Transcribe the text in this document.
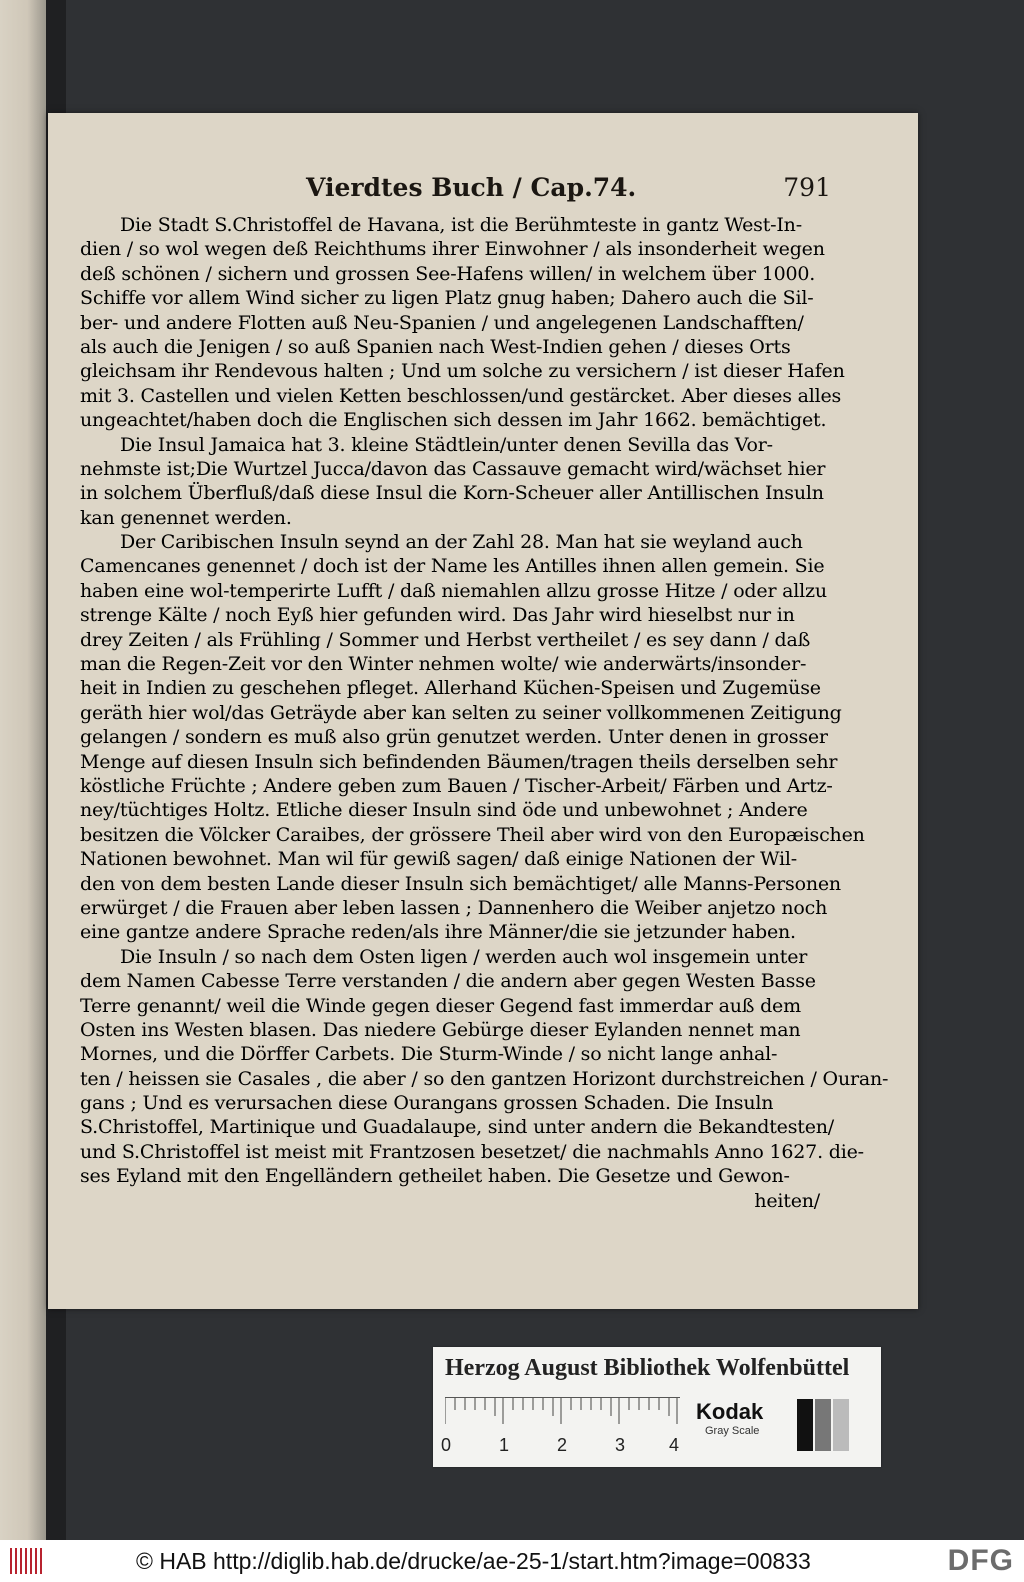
Vierdtes Buch / Cap.74.	791
Die Stadt S.Christoffel de Havana, ist die Berühmteste in gantz West-In-
dien / so wol wegen deß Reichthums ihrer Einwohner / als insonderheit wegen
deß schönen / sichern und grossen See-Hafens willen/ in welchem über 1000.
Schiffe vor allem Wind sicher zu ligen Platz gnug haben; Dahero auch die Sil-
ber- und andere Flotten auß Neu-Spanien / und angelegenen Landschafften/
als auch die Jenigen / so auß Spanien nach West-Indien gehen / dieses Orts
gleichsam ihr Rendevous halten ; Und um solche zu versichern / ist dieser Hafen
mit 3. Castellen und vielen Ketten beschlossen/und gestärcket. Aber dieses alles
ungeachtet/haben doch die Englischen sich dessen im Jahr 1662. bemächtiget.
Die Insul Jamaica hat 3. kleine Städtlein/unter denen Sevilla das Vor-
nehmste ist;Die Wurtzel Jucca/davon das Cassauve gemacht wird/wächset hier
in solchem Überfluß/daß diese Insul die Korn-Scheuer aller Antillischen Insuln
kan genennet werden.
Der Caribischen Insuln seynd an der Zahl 28. Man hat sie weyland auch
Camencanes genennet / doch ist der Name les Antilles ihnen allen gemein. Sie
haben eine wol-temperirte Lufft / daß niemahlen allzu grosse Hitze / oder allzu
strenge Kälte / noch Eyß hier gefunden wird. Das Jahr wird hieselbst nur in
drey Zeiten / als Frühling / Sommer und Herbst vertheilet / es sey dann / daß
man die Regen-Zeit vor den Winter nehmen wolte/ wie anderwärts/insonder-
heit in Indien zu geschehen pfleget. Allerhand Küchen-Speisen und Zugemüse
geräth hier wol/das Geträyde aber kan selten zu seiner vollkommenen Zeitigung
gelangen / sondern es muß also grün genutzet werden. Unter denen in grosser
Menge auf diesen Insuln sich befindenden Bäumen/tragen theils derselben sehr
köstliche Früchte ; Andere geben zum Bauen / Tischer-Arbeit/ Färben und Artz-
ney/tüchtiges Holtz. Etliche dieser Insuln sind öde und unbewohnet ; Andere
besitzen die Völcker Caraibes, der grössere Theil aber wird von den Europæischen
Nationen bewohnet. Man wil für gewiß sagen/ daß einige Nationen der Wil-
den von dem besten Lande dieser Insuln sich bemächtiget/ alle Manns-Personen
erwürget / die Frauen aber leben lassen ; Dannenhero die Weiber anjetzo noch
eine gantze andere Sprache reden/als ihre Männer/die sie jetzunder haben.
Die Insuln / so nach dem Osten ligen / werden auch wol insgemein unter
dem Namen Cabesse Terre verstanden / die andern aber gegen Westen Basse
Terre genannt/ weil die Winde gegen dieser Gegend fast immerdar auß dem
Osten ins Westen blasen. Das niedere Gebürge dieser Eylanden nennet man
Mornes, und die Dörffer Carbets. Die Sturm-Winde / so nicht lange anhal-
ten / heissen sie Casales , die aber / so den gantzen Horizont durchstreichen / Ouran-
gans ; Und es verursachen diese Ourangans grossen Schaden. Die Insuln
S.Christoffel, Martinique und Guadalaupe, sind unter andern die Bekandtesten/
und S.Christoffel ist meist mit Frantzosen besetzet/ die nachmahls Anno 1627. die-
ses Eyland mit den Engelländern getheilet haben. Die Gesetze und Gewon-
heiten/
Herzog August Bibliothek Wolfenbüttel
0	1	2	3 4
Kodak
Gray Scale
© HAB http://diglib.hab.de/drucke/ae-25-1/start.htm?image=00833	DFG
